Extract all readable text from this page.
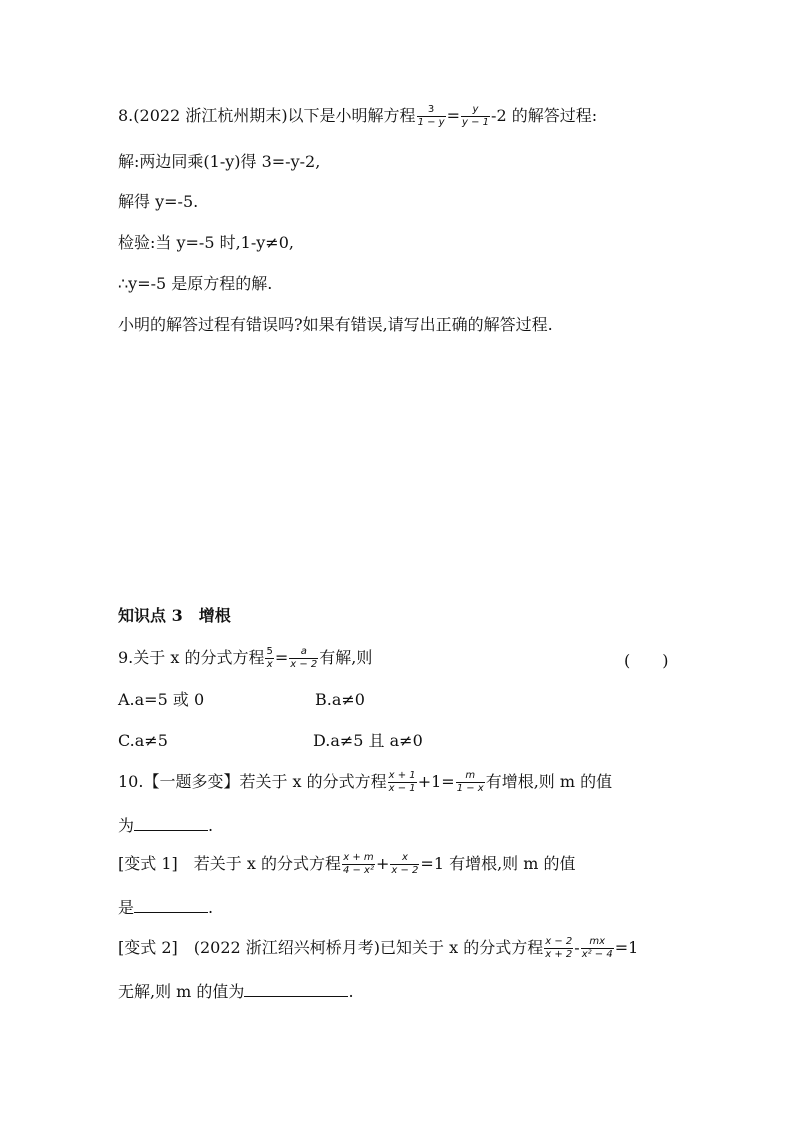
8.(2022 浙江杭州期末)以下是小明解方程 $\frac{3}{1 - y} = \frac{y}{y - 1} -2$ 的解答过程:
解:两边同乘(1-y)得 3=-y-2,
解得 y=-5.
检验:当 y=-5 时,1-y≠0,
∴y=-5 是原方程的解.
小明的解答过程有错误吗?如果有错误,请写出正确的解答过程.
知识点 3　增根
9.关于 x 的分式方程 $\frac{5}{x} = \frac{a}{x - 2}$ 有解,则	(　　)
A.a=5 或 0	B.a≠0
C.a≠5	D.a≠5 且 a≠0
10.【一题多变】若关于 x 的分式方程 $\frac{x + 1}{x - 1} +1= \frac{m}{1 - x}$ 有增根,则 m 的值
为	.
[变式 1]　若关于 x 的分式方程 $\frac{x + m}{\text{4 − x²}} + \frac{x}{x - 2} =1$ 有增根,则 m 的值
是	.
[变式 2]　(2022 浙江绍兴柯桥月考)已知关于 x 的分式方程 $\frac{x - 2}{x + 2} - \frac{mx}{\text{x² − 4}} =1$
无解,则 m 的值为	.
